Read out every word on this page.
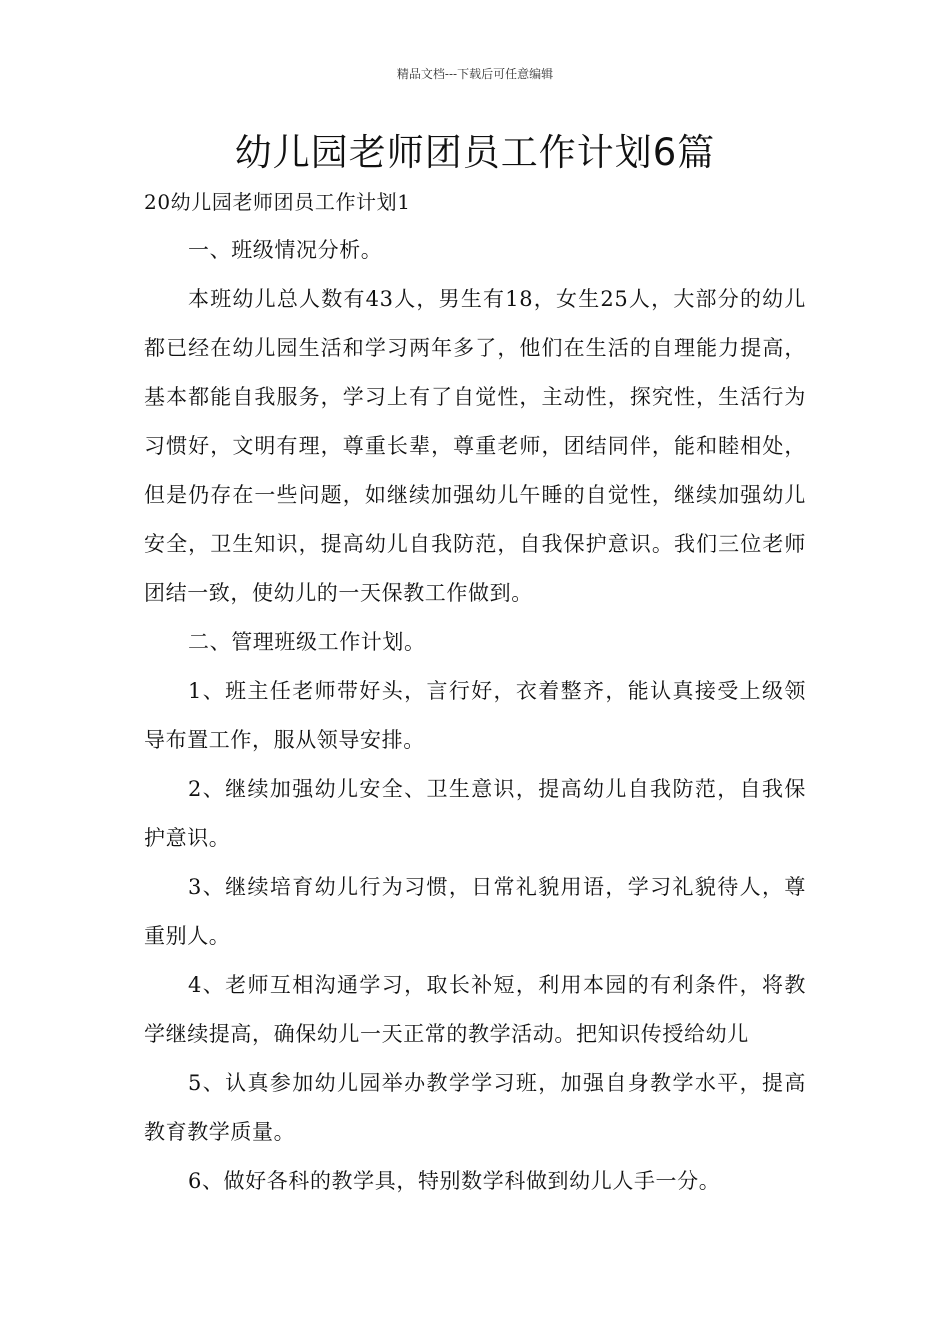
精品文档---下载后可任意编辑
幼儿园老师团员工作计划6篇

20幼儿园老师团员工作计划1

一、班级情况分析。

本班幼儿总人数有43人，男生有18，女生25人，大部分的幼儿都已经在幼儿园生活和学习两年多了，他们在生活的自理能力提高，基本都能自我服务，学习上有了自觉性，主动性，探究性，生活行为习惯好，文明有理，尊重长辈，尊重老师，团结同伴，能和睦相处，但是仍存在一些问题，如继续加强幼儿午睡的自觉性，继续加强幼儿安全，卫生知识，提高幼儿自我防范，自我保护意识。我们三位老师团结一致，使幼儿的一天保教工作做到。

二、管理班级工作计划。

1、班主任老师带好头，言行好，衣着整齐，能认真接受上级领导布置工作，服从领导安排。

2、继续加强幼儿安全、卫生意识，提高幼儿自我防范，自我保护意识。

3、继续培育幼儿行为习惯，日常礼貌用语，学习礼貌待人，尊重别人。

4、老师互相沟通学习，取长补短，利用本园的有利条件，将教学继续提高，确保幼儿一天正常的教学活动。把知识传授给幼儿

5、认真参加幼儿园举办教学学习班，加强自身教学水平，提高教育教学质量。

6、做好各科的教学具，特别数学科做到幼儿人手一分。
